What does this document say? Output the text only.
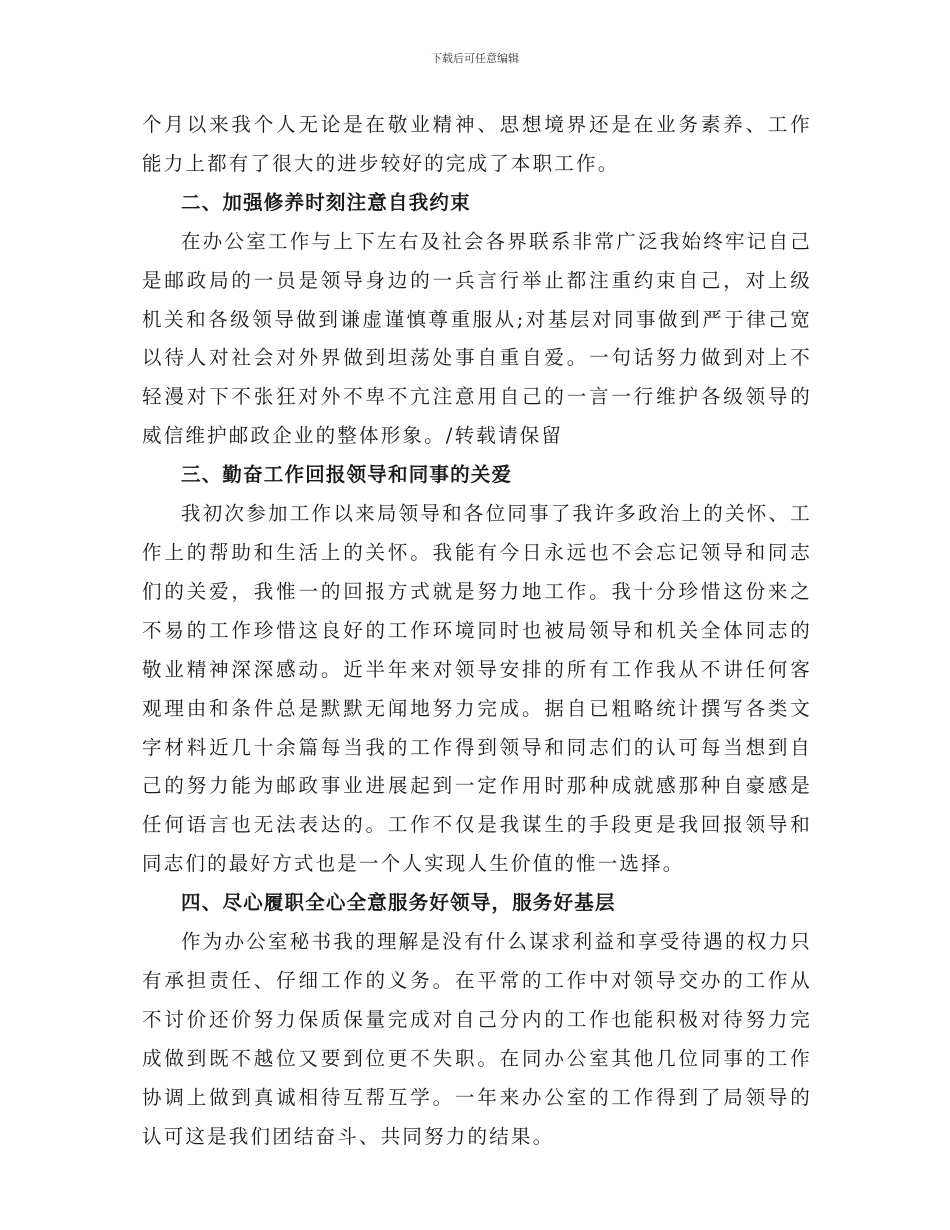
下载后可任意编辑

个月以来我个人无论是在敬业精神、思想境界还是在业务素养、工作能力上都有了很大的进步较好的完成了本职工作。

二、加强修养时刻注意自我约束

在办公室工作与上下左右及社会各界联系非常广泛我始终牢记自己是邮政局的一员是领导身边的一兵言行举止都注重约束自己，对上级机关和各级领导做到谦虚谨慎尊重服从;对基层对同事做到严于律己宽以待人对社会对外界做到坦荡处事自重自爱。一句话努力做到对上不轻漫对下不张狂对外不卑不亢注意用自己的一言一行维护各级领导的威信维护邮政企业的整体形象。/转载请保留

三、勤奋工作回报领导和同事的关爱

我初次参加工作以来局领导和各位同事了我许多政治上的关怀、工作上的帮助和生活上的关怀。我能有今日永远也不会忘记领导和同志们的关爱，我惟一的回报方式就是努力地工作。我十分珍惜这份来之不易的工作珍惜这良好的工作环境同时也被局领导和机关全体同志的敬业精神深深感动。近半年来对领导安排的所有工作我从不讲任何客观理由和条件总是默默无闻地努力完成。据自已粗略统计撰写各类文字材料近几十余篇每当我的工作得到领导和同志们的认可每当想到自己的努力能为邮政事业进展起到一定作用时那种成就感那种自豪感是任何语言也无法表达的。工作不仅是我谋生的手段更是我回报领导和同志们的最好方式也是一个人实现人生价值的惟一选择。

四、尽心履职全心全意服务好领导，服务好基层

作为办公室秘书我的理解是没有什么谋求利益和享受待遇的权力只有承担责任、仔细工作的义务。在平常的工作中对领导交办的工作从不讨价还价努力保质保量完成对自己分内的工作也能积极对待努力完成做到既不越位又要到位更不失职。在同办公室其他几位同事的工作协调上做到真诚相待互帮互学。一年来办公室的工作得到了局领导的认可这是我们团结奋斗、共同努力的结果。
